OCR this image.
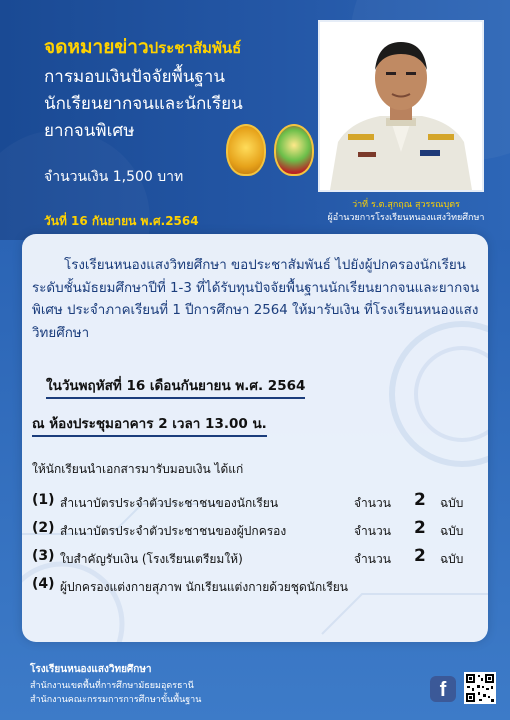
จดหมายข่าวประชาสัมพันธ์
การมอบเงินปัจจัยพื้นฐาน
นักเรียนยากจนและนักเรียน
ยากจนพิเศษ
จำนวนเงิน 1,500 บาท
วันที่ 16 กันยายน พ.ศ.2564
ว่าที่ ร.ต.สุกฤณ สุวรรณบุตร
ผู้อำนวยการโรงเรียนหนองแสงวิทยศึกษา

โรงเรียนหนองแสงวิทยศึกษา ขอประชาสัมพันธ์ ไปยังผู้ปกครองนักเรียน ระดับชั้นมัธยมศึกษาปีที่ 1-3 ที่ได้รับทุนปัจจัยพื้นฐานนักเรียนยากจนและยากจนพิเศษ ประจำภาคเรียนที่ 1 ปีการศึกษา 2564 ให้มารับเงิน ที่โรงเรียนหนองแสงวิทยศึกษา

ในวันพฤหัสที่ 16 เดือนกันยายน พ.ศ. 2564
ณ ห้องประชุมอาคาร 2 เวลา 13.00 น.
ให้นักเรียนนำเอกสารมารับมอบเงิน ได้แก่
(1) สำเนาบัตรประจำตัวประชาชนของนักเรียน	จำนวน 2 ฉบับ
(2) สำเนาบัตรประจำตัวประชาชนของผู้ปกครอง	จำนวน 2 ฉบับ
(3) ใบสำคัญรับเงิน (โรงเรียนเตรียมให้)	จำนวน 2 ฉบับ
(4) ผู้ปกครองแต่งกายสุภาพ นักเรียนแต่งกายด้วยชุดนักเรียน
โรงเรียนหนองแสงวิทยศึกษา
สำนักงานเขตพื้นที่การศึกษามัธยมอุดรธานี
สำนักงานคณะกรรมการการศึกษาขั้นพื้นฐาน	f
